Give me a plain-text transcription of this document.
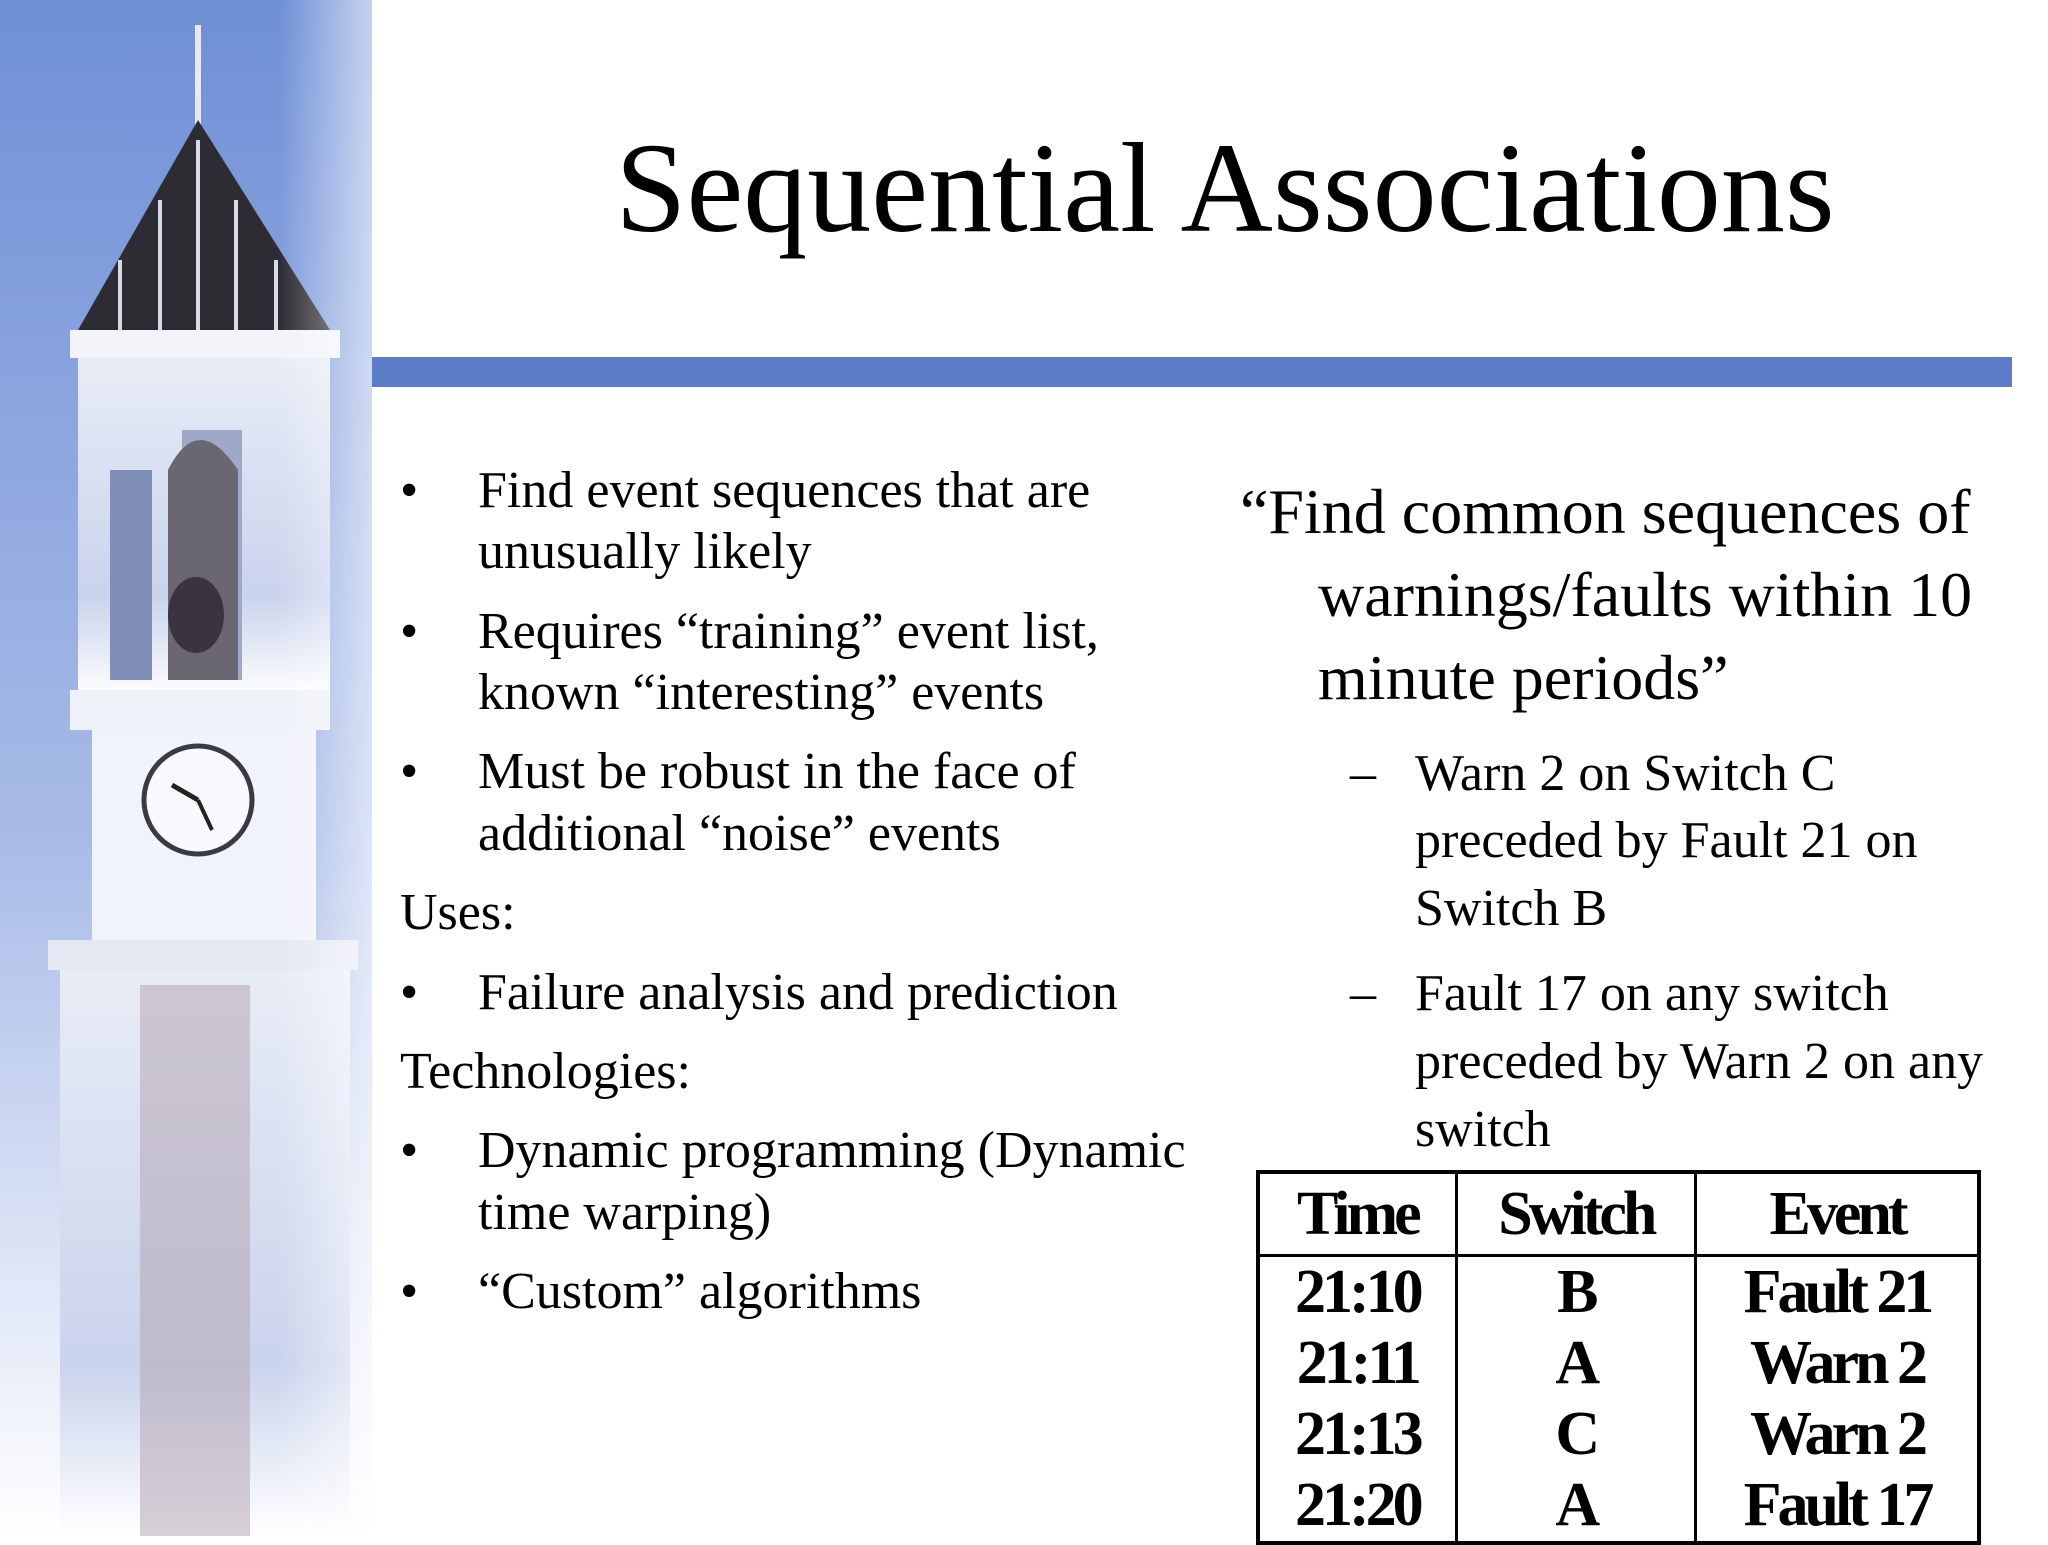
Sequential Associations
• Find event sequences that are unusually likely
• Requires “training” event list, known “interesting” events
• Must be robust in the face of additional “noise” events
Uses:
• Failure analysis and prediction
Technologies:
• Dynamic programming (Dynamic time warping)
• “Custom” algorithms

“Find common sequences of warnings/faults within 10 minute periods”

– Warn 2 on Switch C preceded by Fault 21 on Switch B
– Fault 17 on any switch preceded by Warn 2 on any switch
Time	Switch	Event
21:10	B	Fault 21
21:11	A	Warn 2
21:13	C	Warn 2
21:20	A	Fault 17
